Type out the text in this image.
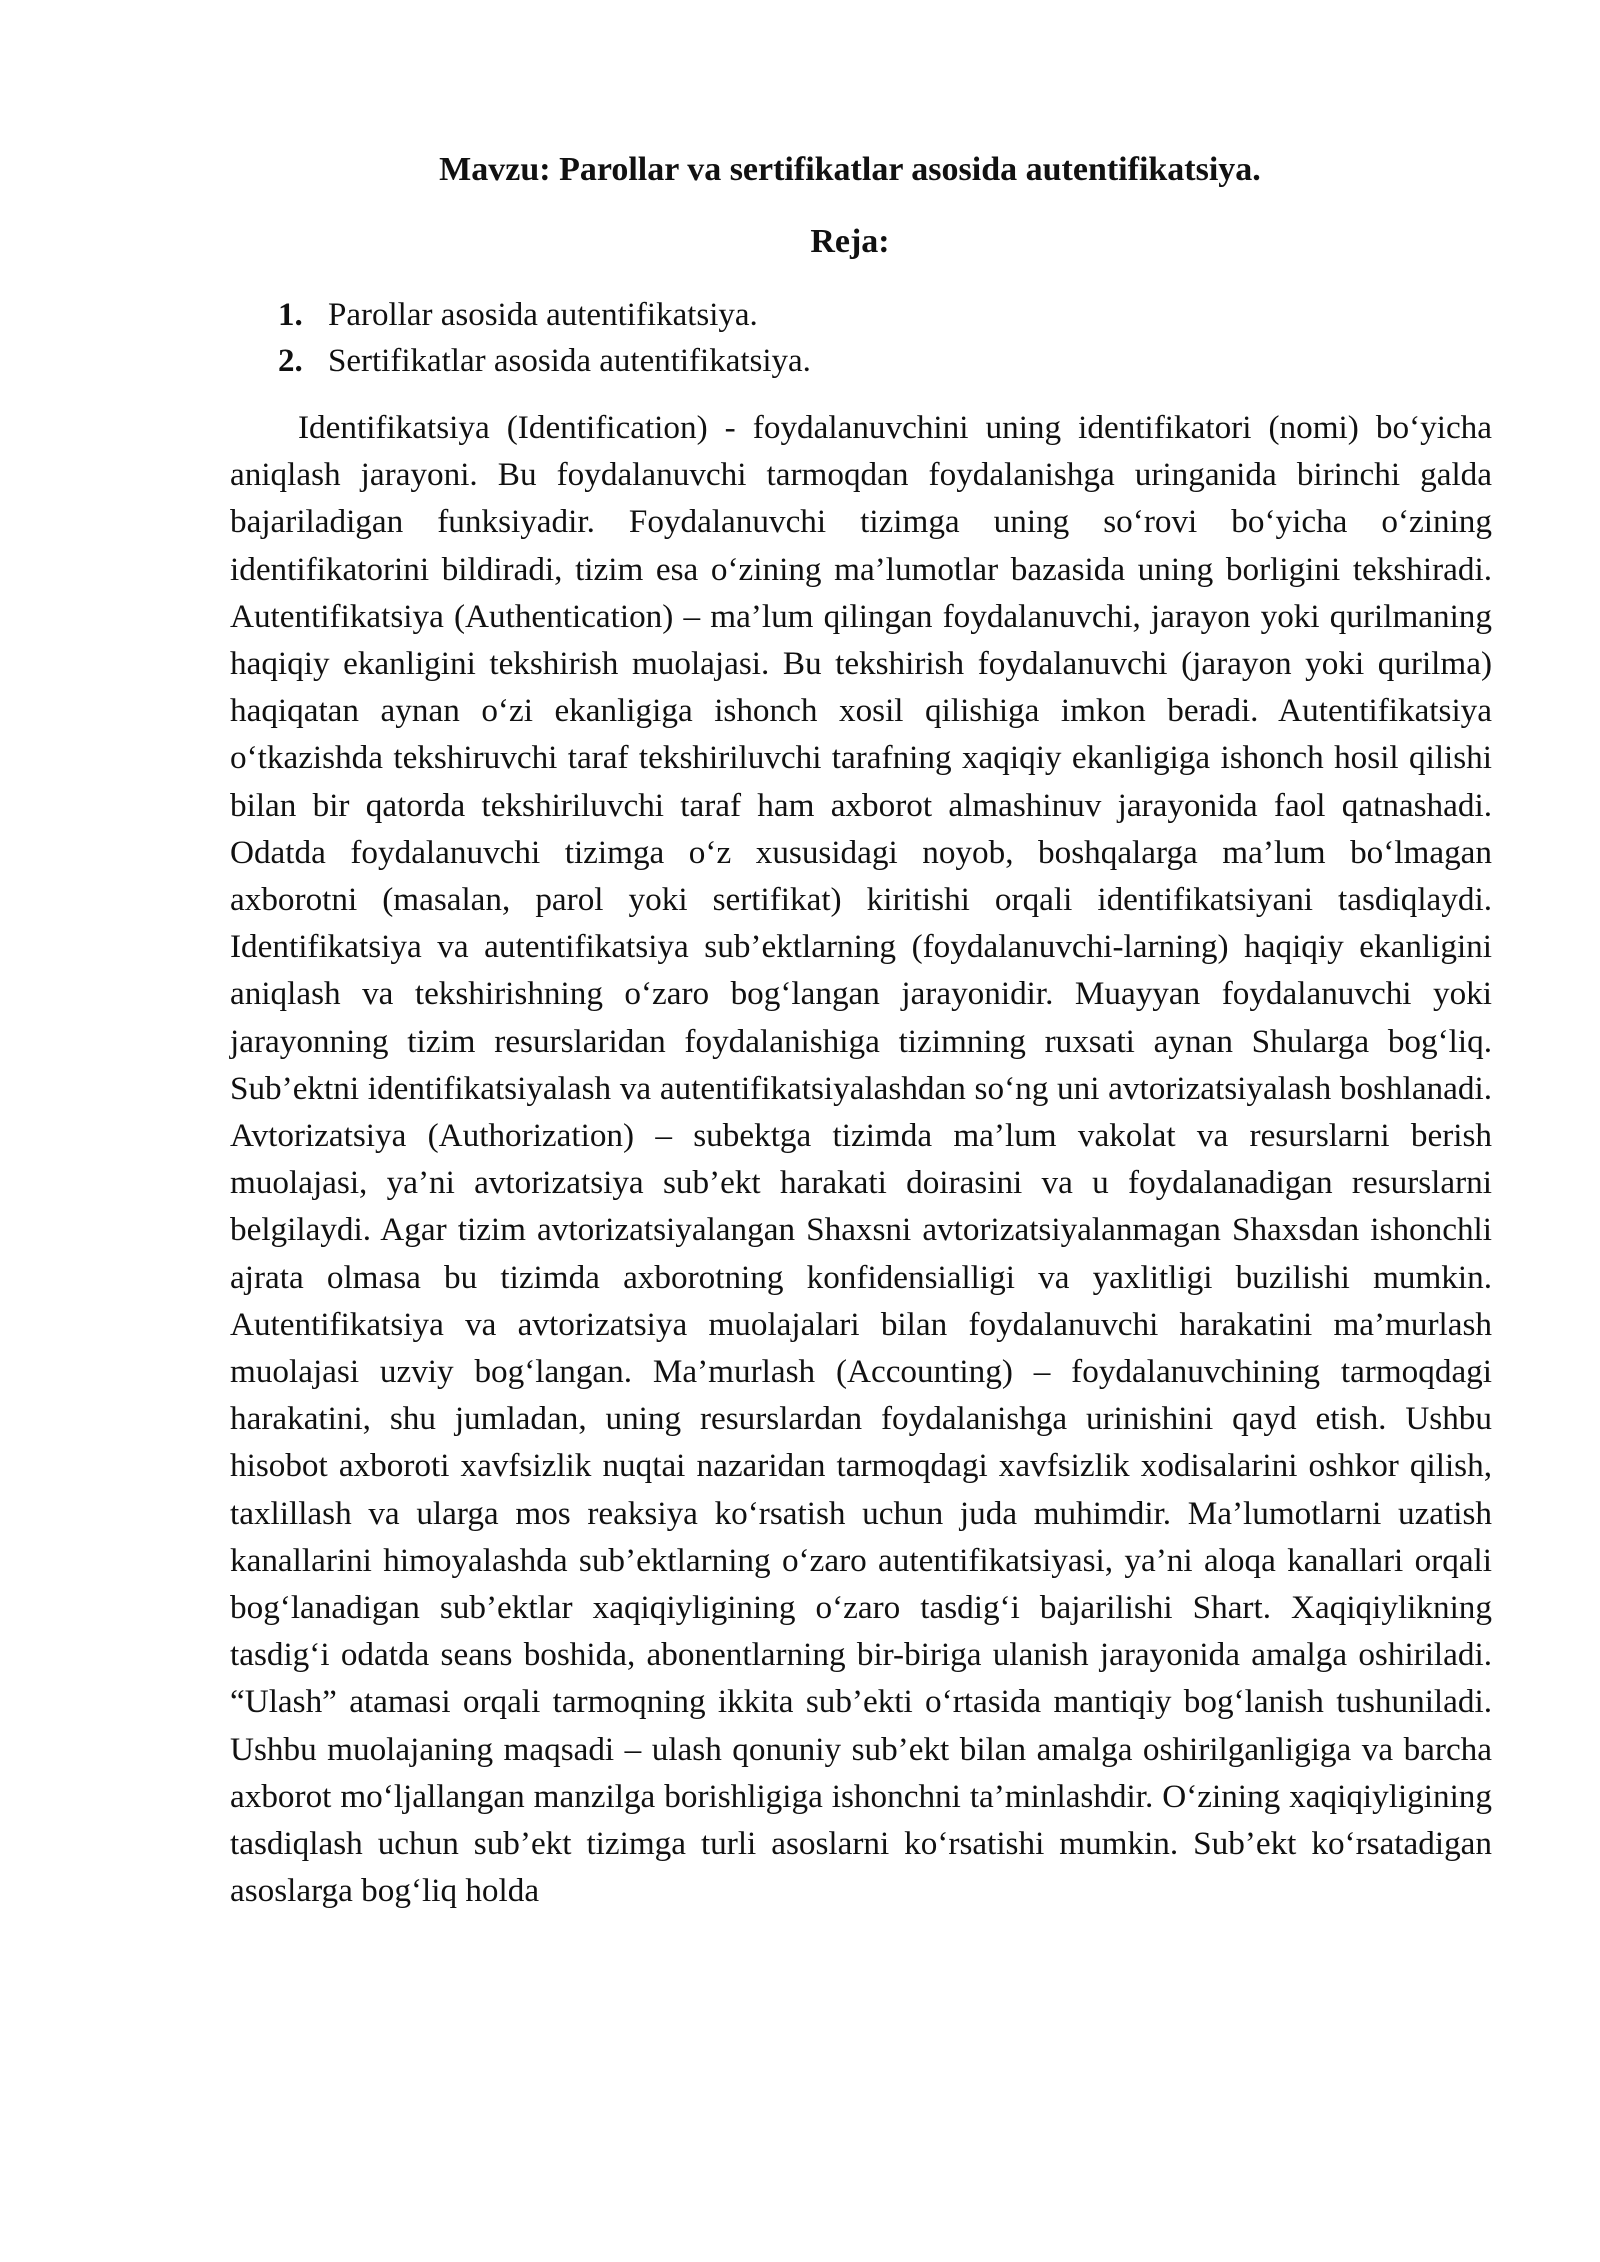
Mavzu: Parollar va sertifikatlar asosida autentifikatsiya.
Reja:
1. Parollar asosida autentifikatsiya.
2. Sertifikatlar asosida autentifikatsiya.

Identifikatsiya (Identification) - foydalanuvchini uning identifikatori (nomi) bo‘yicha aniqlash jarayoni. Bu foydalanuvchi tarmoqdan foydalanishga uringanida birinchi galda bajariladigan funksiyadir. Foydalanuvchi tizimga uning so‘rovi bo‘yicha o‘zining identifikatorini bildiradi, tizim esa o‘zining ma’lumotlar bazasida uning borligini tekshiradi. Autentifikatsiya (Authentication) – ma’lum qilingan foydalanuvchi, jarayon yoki qurilmaning haqiqiy ekanligini tekshirish muolajasi. Bu tekshirish foydalanuvchi (jarayon yoki qurilma) haqiqatan aynan o‘zi ekanligiga ishonch xosil qilishiga imkon beradi. Autentifikatsiya o‘tkazishda tekshiruvchi taraf tekshiriluvchi tarafning xaqiqiy ekanligiga ishonch hosil qilishi bilan bir qatorda tekshiriluvchi taraf ham axborot almashinuv jarayonida faol qatnashadi. Odatda foydalanuvchi tizimga o‘z xususidagi noyob, boshqalarga ma’lum bo‘lmagan axborotni (masalan, parol yoki sertifikat) kiritishi orqali identifikatsiyani tasdiqlaydi. Identifikatsiya va autentifikatsiya sub’ektlarning (foydalanuvchi-larning) haqiqiy ekanligini aniqlash va tekshirishning o‘zaro bog‘langan jarayonidir. Muayyan foydalanuvchi yoki jarayonning tizim resurslaridan foydalanishiga tizimning ruxsati aynan Shularga bog‘liq. Sub’ektni identifikatsiyalash va autentifikatsiyalashdan so‘ng uni avtorizatsiyalash boshlanadi. Avtorizatsiya (Authorization) – subektga tizimda ma’lum vakolat va resurslarni berish muolajasi, ya’ni avtorizatsiya sub’ekt harakati doirasini va u foydalanadigan resurslarni belgilaydi. Agar tizim avtorizatsiyalangan Shaxsni avtorizatsiyalanmagan Shaxsdan ishonchli ajrata olmasa bu tizimda axborotning konfidensialligi va yaxlitligi buzilishi mumkin. Autentifikatsiya va avtorizatsiya muolajalari bilan foydalanuvchi harakatini ma’murlash muolajasi uzviy bog‘langan. Ma’murlash (Accounting) – foydalanuvchining tarmoqdagi harakatini, shu jumladan, uning resurslardan foydalanishga urinishini qayd etish. Ushbu hisobot axboroti xavfsizlik nuqtai nazaridan tarmoqdagi xavfsizlik xodisalarini oshkor qilish, taxlillash va ularga mos reaksiya ko‘rsatish uchun juda muhimdir. Ma’lumotlarni uzatish kanallarini himoyalashda sub’ektlarning o‘zaro autentifikatsiyasi, ya’ni aloqa kanallari orqali bog‘lanadigan sub’ektlar xaqiqiyligining o‘zaro tasdig‘i bajarilishi Shart. Xaqiqiylikning tasdig‘i odatda seans boshida, abonentlarning bir-biriga ulanish jarayonida amalga oshiriladi. “Ulash” atamasi orqali tarmoqning ikkita sub’ekti o‘rtasida mantiqiy bog‘lanish tushuniladi. Ushbu muolajaning maqsadi – ulash qonuniy sub’ekt bilan amalga oshirilganligiga va barcha axborot mo‘ljallangan manzilga borishligiga ishonchni ta’minlashdir. O‘zining xaqiqiyligining tasdiqlash uchun sub’ekt tizimga turli asoslarni ko‘rsatishi mumkin. Sub’ekt ko‘rsatadigan asoslarga bog‘liq holda
